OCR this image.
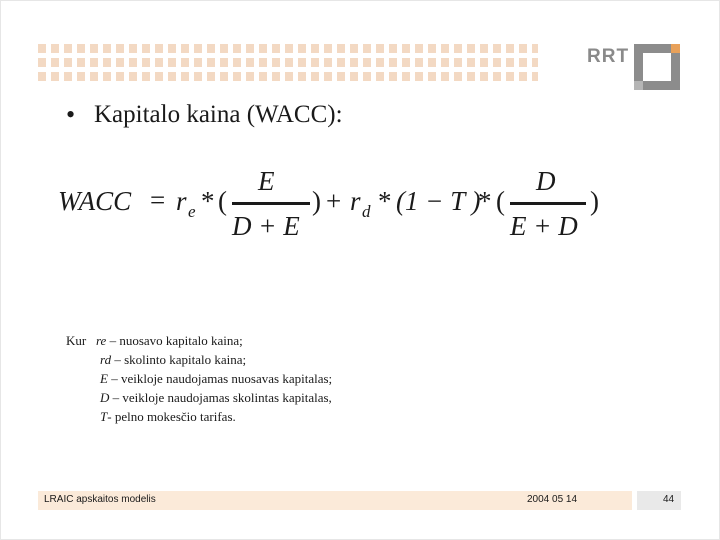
RRT
• Kapitalo kaina (WACC):
WACC = r e * (
E
D + E
) + r d * (1 − T )
* (
D
E + D
)
Kur re – nuosavo kapitalo kaina;
rd – skolinto kapitalo kaina;
E – veikloje naudojamas nuosavas kapitalas;
D – veikloje naudojamas skolintas kapitalas,
T- pelno mokesčio tarifas.
LRAIC apskaitos modelis	2004 05 14	44
